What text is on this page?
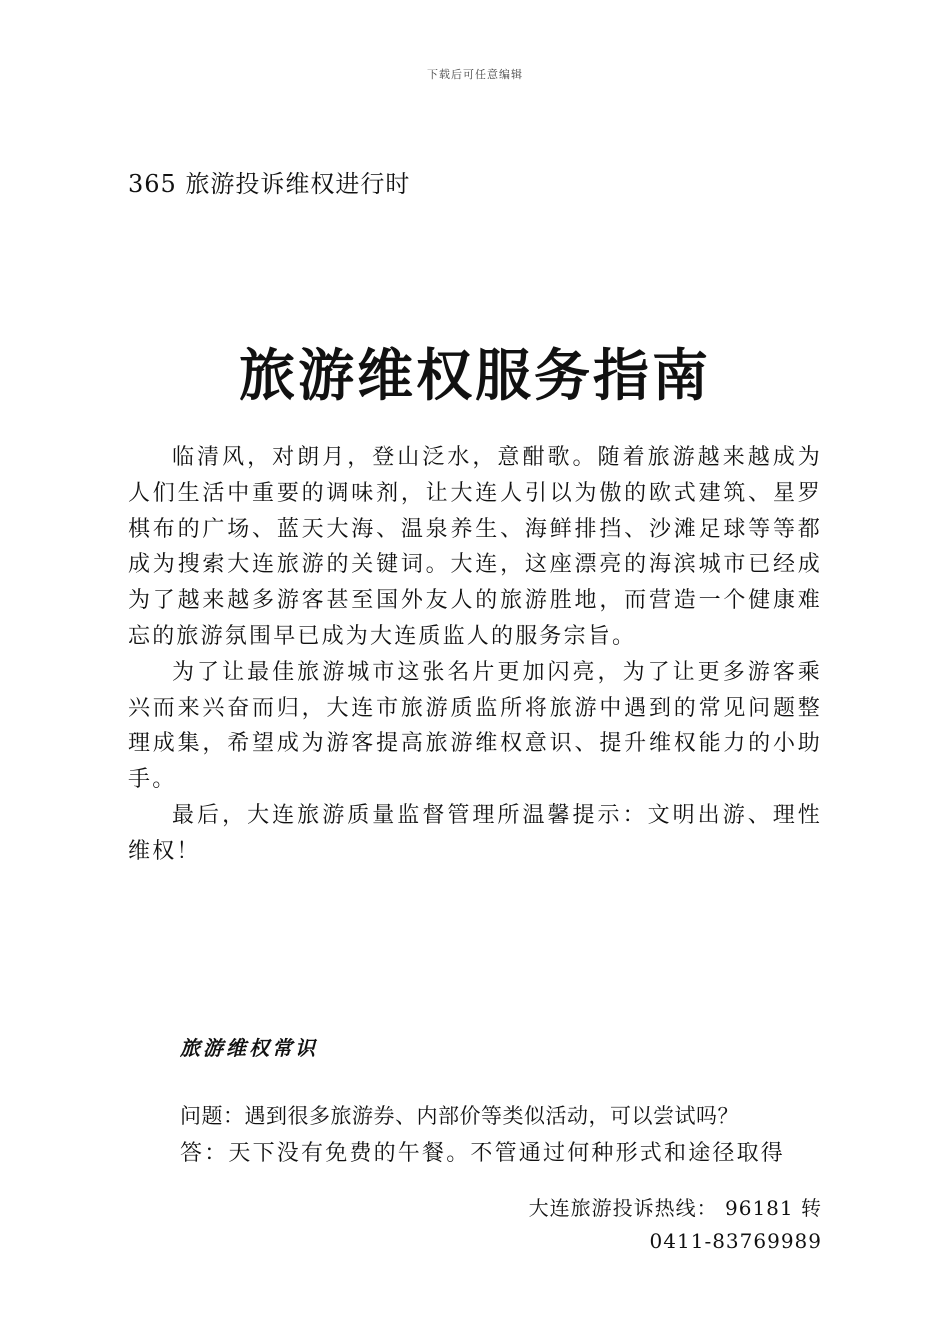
下载后可任意编辑
365 旅游投诉维权进行时
旅游维权服务指南

临清风，对朗月，登山泛水，意酣歌。随着旅游越来越成为人们生活中重要的调味剂，让大连人引以为傲的欧式建筑、星罗棋布的广场、蓝天大海、温泉养生、海鲜排挡、沙滩足球等等都成为搜索大连旅游的关键词。大连，这座漂亮的海滨城市已经成为了越来越多游客甚至国外友人的旅游胜地，而营造一个健康难忘的旅游氛围早已成为大连质监人的服务宗旨。

为了让最佳旅游城市这张名片更加闪亮，为了让更多游客乘兴而来兴奋而归，大连市旅游质监所将旅游中遇到的常见问题整理成集，希望成为游客提高旅游维权意识、提升维权能力的小助手。

最后，大连旅游质量监督管理所温馨提示：文明出游、理性维权！

旅游维权常识
问题：遇到很多旅游券、内部价等类似活动，可以尝试吗？
答：天下没有免费的午餐。不管通过何种形式和途径取得
大连旅游投诉热线： 96181 转
0411-83769989
